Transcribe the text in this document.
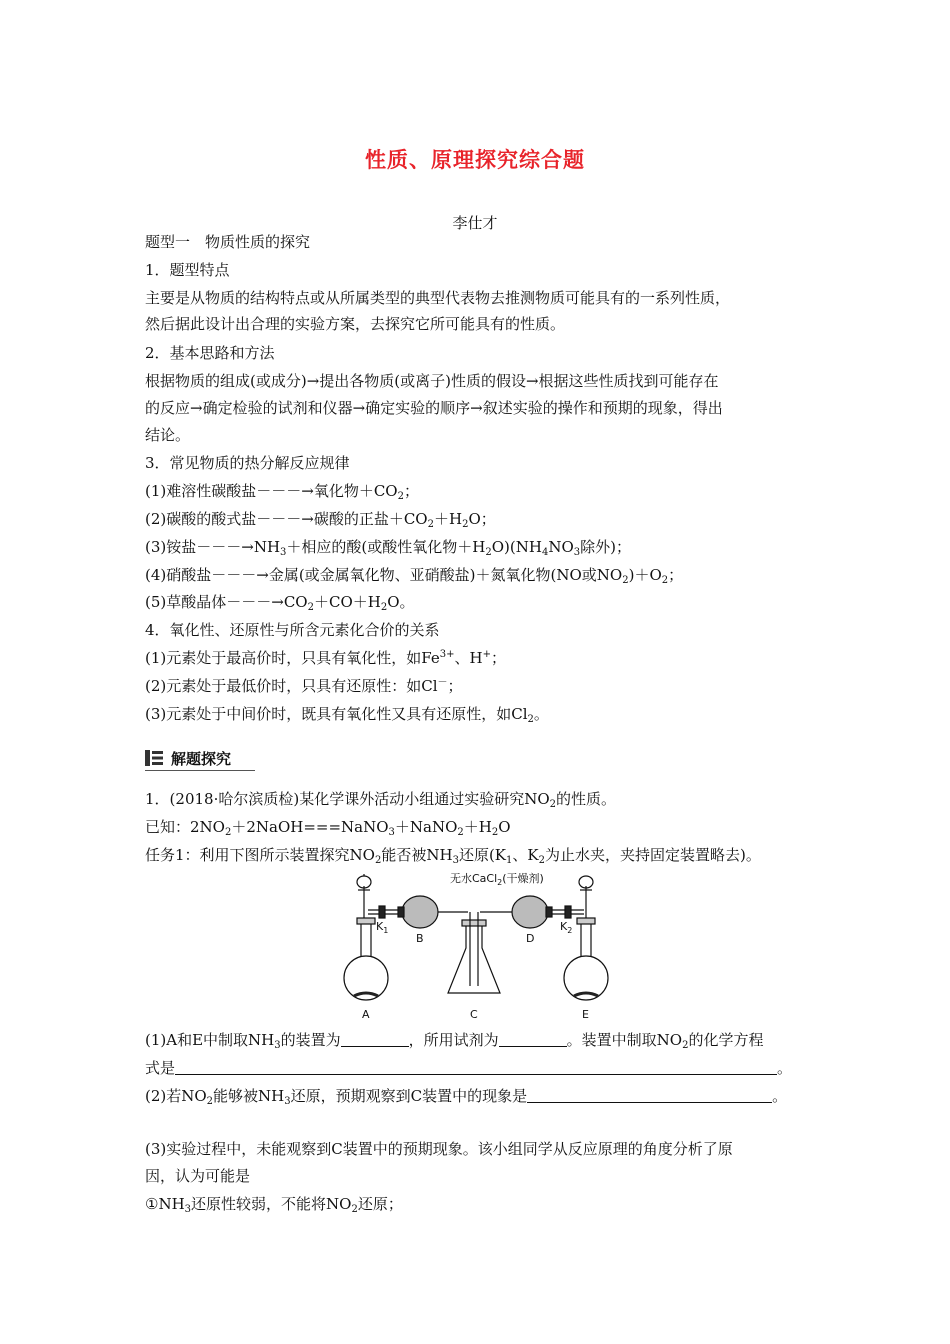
性质、原理探究综合题
李仕才
题型一　物质性质的探究
1．题型特点
主要是从物质的结构特点或从所属类型的典型代表物去推测物质可能具有的一系列性质，
然后据此设计出合理的实验方案，去探究它所可能具有的性质。
2．基本思路和方法
根据物质的组成(或成分)→提出各物质(或离子)性质的假设→根据这些性质找到可能存在
的反应→确定检验的试剂和仪器→确定实验的顺序→叙述实验的操作和预期的现象，得出
结论。
3．常见物质的热分解反应规律
(1)难溶性碳酸盐－－－→氧化物$+CO_2$；
(2)碳酸的酸式盐－－－→碳酸的正盐$+CO_2+H_2O$；
(3)铵盐$---\to NH_3+$相应的酸(或酸性氧化物$+H_2O)(NH_4NO_3$除外)；
(4)硝酸盐－－－→金属(或金属氧化物、亚硝酸盐)＋氮氧化物(NO或$NO_2)+O_2$；
(5)草酸晶体$---\to CO_2+CO+H_2O$。
4．氧化性、还原性与所含元素化合价的关系
(1)元素处于最高价时，只具有氧化性，如$Fe^{3+}$、H+；
(2)元素处于最低价时，只具有还原性：如Cl－；
(3)元素处于中间价时，既具有氧化性又具有还原性，如$Cl_2$。
解题探究
1．(2018·哈尔滨质检)某化学课外活动小组通过实验研究$NO_2$的性质。
已知：$2NO_2+2NaOH===NaNO_3+NaNO_2+H_2O$
任务1：利用下图所示装置探究$NO_2$能否被$NH_3$还原($K_1$、$K_2$为止水夹，夹持固定装置略去)。
无水CaCl$_2$(干燥剂)
$K_1$	$K_2$
B	D
A	C	E
(1)A和E中制取$NH_3$的装置为	，所用试剂为	。装置中制取$NO_2$的化学方程
式是	。
(2)若$NO_2$能够被$NH_3$还原，预期观察到C装置中的现象是	。
(3)实验过程中，未能观察到C装置中的预期现象。该小组同学从反应原理的角度分析了原
因，认为可能是
$①NH_3$还原性较弱，不能将$NO_2$还原；
